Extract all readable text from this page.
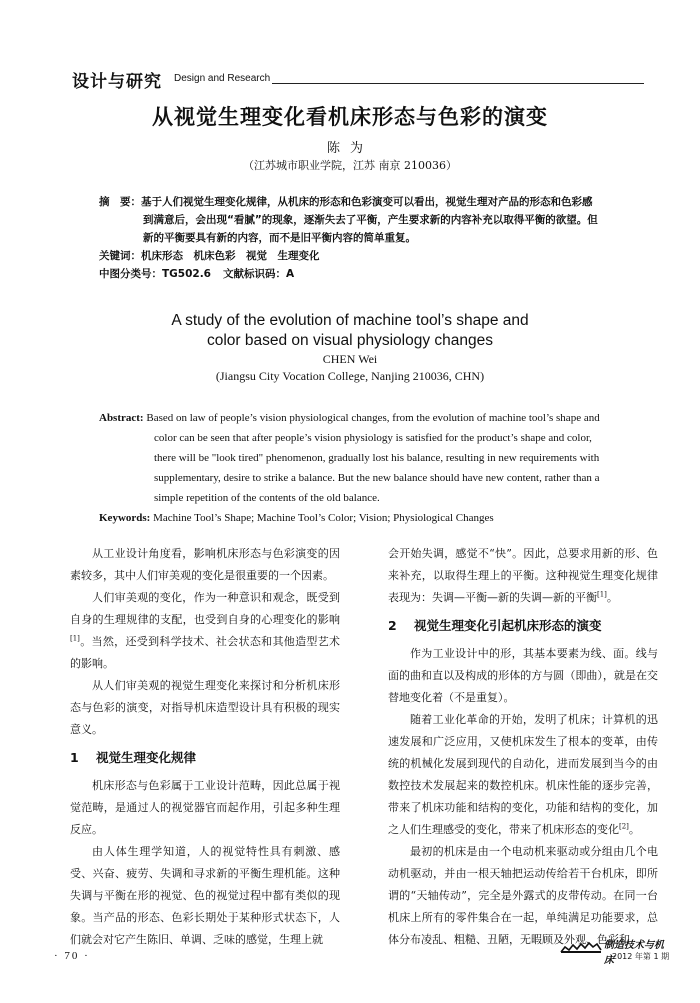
设计与研究 Design and Research
从视觉生理变化看机床形态与色彩的演变
陈为
（江苏城市职业学院，江苏 南京 210036）
摘　要：基于人们视觉生理变化规律，从机床的形态和色彩演变可以看出，视觉生理对产品的形态和色彩感
到满意后，会出现“看腻”的现象，逐渐失去了平衡，产生要求新的内容补充以取得平衡的欲望。但
新的平衡要具有新的内容，而不是旧平衡内容的简单重复。
关键词：机床形态　机床色彩　视觉　生理变化
中图分类号：TG502.6 文献标识码：A
A study of the evolution of machine tool’s shape and
color based on visual physiology changes
CHEN Wei
(Jiangsu City Vocation College, Nanjing 210036, CHN)
Abstract: Based on law of people’s vision physiological changes, from the evolution of machine tool’s shape and
color can be seen that after people’s vision physiology is satisfied for the product’s shape and color,
there will be "look tired" phenomenon, gradually lost his balance, resulting in new requirements with
supplementary, desire to strike a balance. But the new balance should have new content, rather than a
simple repetition of the contents of the old balance.
Keywords: Machine Tool’s Shape; Machine Tool’s Color; Vision; Physiological Changes

从工业设计角度看，影响机床形态与色彩演变的因素较多，其中人们审美观的变化是很重要的一个因素。

人们审美观的变化，作为一种意识和观念，既受到自身的生理规律的支配，也受到自身的心理变化的影响[1]。当然，还受到科学技术、社会状态和其他造型艺术的影响。

从人们审美观的视觉生理变化来探讨和分析机床形态与色彩的演变，对指导机床造型设计具有积极的现实意义。

1 视觉生理变化规律

机床形态与色彩属于工业设计范畴，因此总属于视觉范畴，是通过人的视觉器官而起作用，引起多种生理反应。

由人体生理学知道，人的视觉特性具有刺激、感受、兴奋、疲劳、失调和寻求新的平衡生理机能。这种失调与平衡在形的视觉、色的视觉过程中都有类似的现象。当产品的形态、色彩长期处于某种形式状态下，人们就会对它产生陈旧、单调、乏味的感觉，生理上就

会开始失调，感觉不“快”。因此，总要求用新的形、色来补充，以取得生理上的平衡。这种视觉生理变化规律表现为：失调—平衡—新的失调—新的平衡[1]。

2 视觉生理变化引起机床形态的演变

作为工业设计中的形，其基本要素为线、面。线与面的曲和直以及构成的形体的方与圆（即曲），就是在交替地变化着（不是重复）。

随着工业化革命的开始，发明了机床；计算机的迅速发展和广泛应用，又使机床发生了根本的变革，由传统的机械化发展到现代的自动化，进而发展到当今的由数控技术发展起来的数控机床。机床性能的逐步完善，带来了机床功能和结构的变化，功能和结构的变化，加之人们生理感受的变化，带来了机床形态的变化[2]。

最初的机床是由一个电动机来驱动或分组由几个电动机驱动，并由一根天轴把运动传给若干台机床，即所谓的“天轴传动”，完全是外露式的皮带传动。在同一台机床上所有的零件集合在一起，单纯满足功能要求，总体分布凌乱、粗糙、丑陋，无暇顾及外观、色彩和

· 70 ·
制造技术与机床
2012 年第 1 期
